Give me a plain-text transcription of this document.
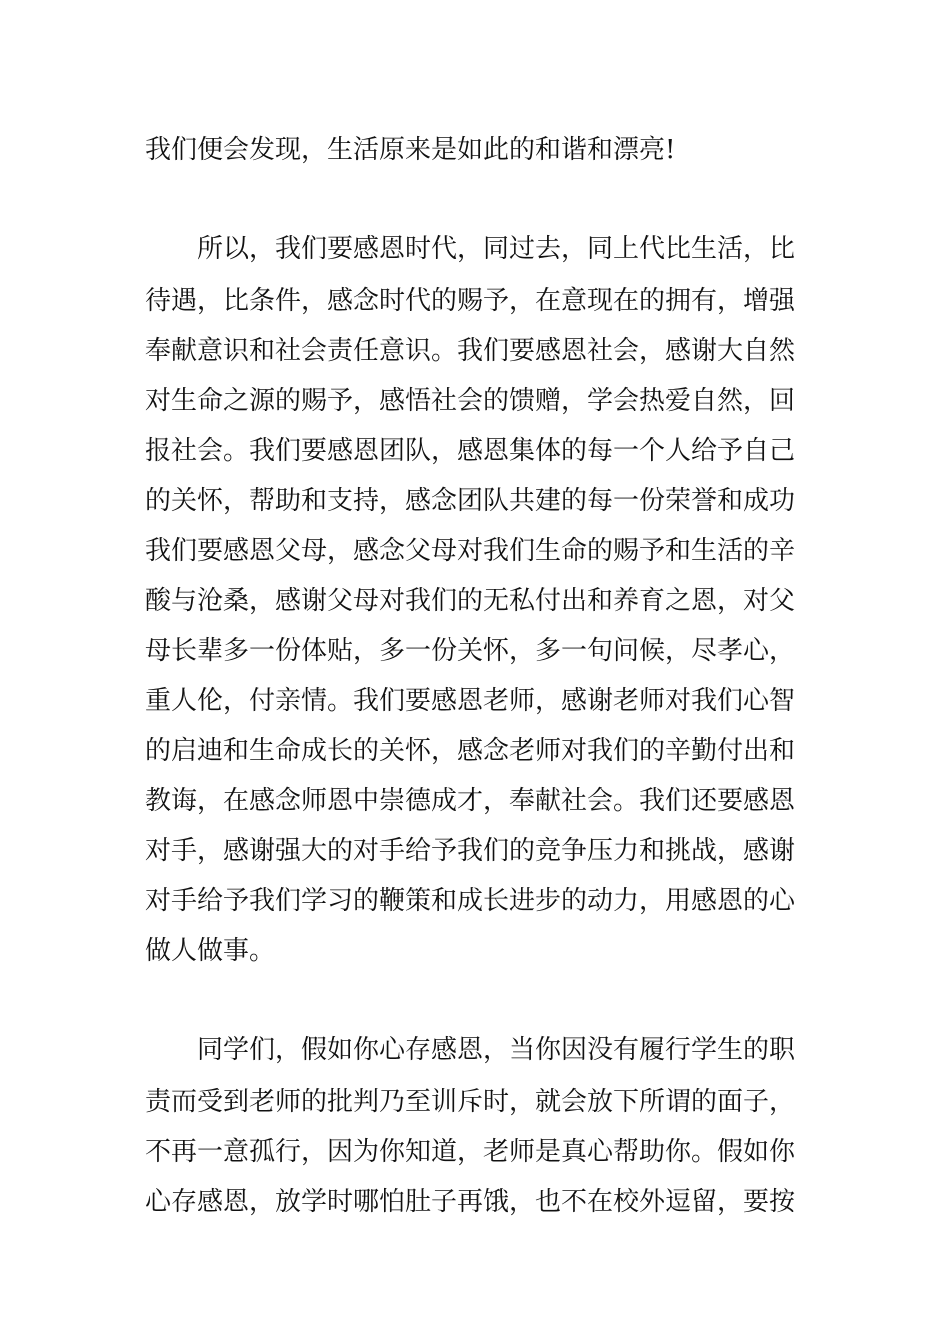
我们便会发现，生活原来是如此的和谐和漂亮!
所以，我们要感恩时代，同过去，同上代比生活，比
待遇，比条件，感念时代的赐予，在意现在的拥有，增强
奉献意识和社会责任意识。我们要感恩社会，感谢大自然
对生命之源的赐予，感悟社会的馈赠，学会热爱自然，回
报社会。我们要感恩团队，感恩集体的每一个人给予自己
的关怀，帮助和支持，感念团队共建的每一份荣誉和成功
我们要感恩父母，感念父母对我们生命的赐予和生活的辛
酸与沧桑，感谢父母对我们的无私付出和养育之恩，对父
母长辈多一份体贴，多一份关怀，多一句问候，尽孝心，
重人伦，付亲情。我们要感恩老师，感谢老师对我们心智
的启迪和生命成长的关怀，感念老师对我们的辛勤付出和
教诲，在感念师恩中崇德成才，奉献社会。我们还要感恩
对手，感谢强大的对手给予我们的竞争压力和挑战，感谢
对手给予我们学习的鞭策和成长进步的动力，用感恩的心
做人做事。
同学们，假如你心存感恩，当你因没有履行学生的职
责而受到老师的批判乃至训斥时，就会放下所谓的面子，
不再一意孤行，因为你知道，老师是真心帮助你。假如你
心存感恩，放学时哪怕肚子再饿，也不在校外逗留，要按
